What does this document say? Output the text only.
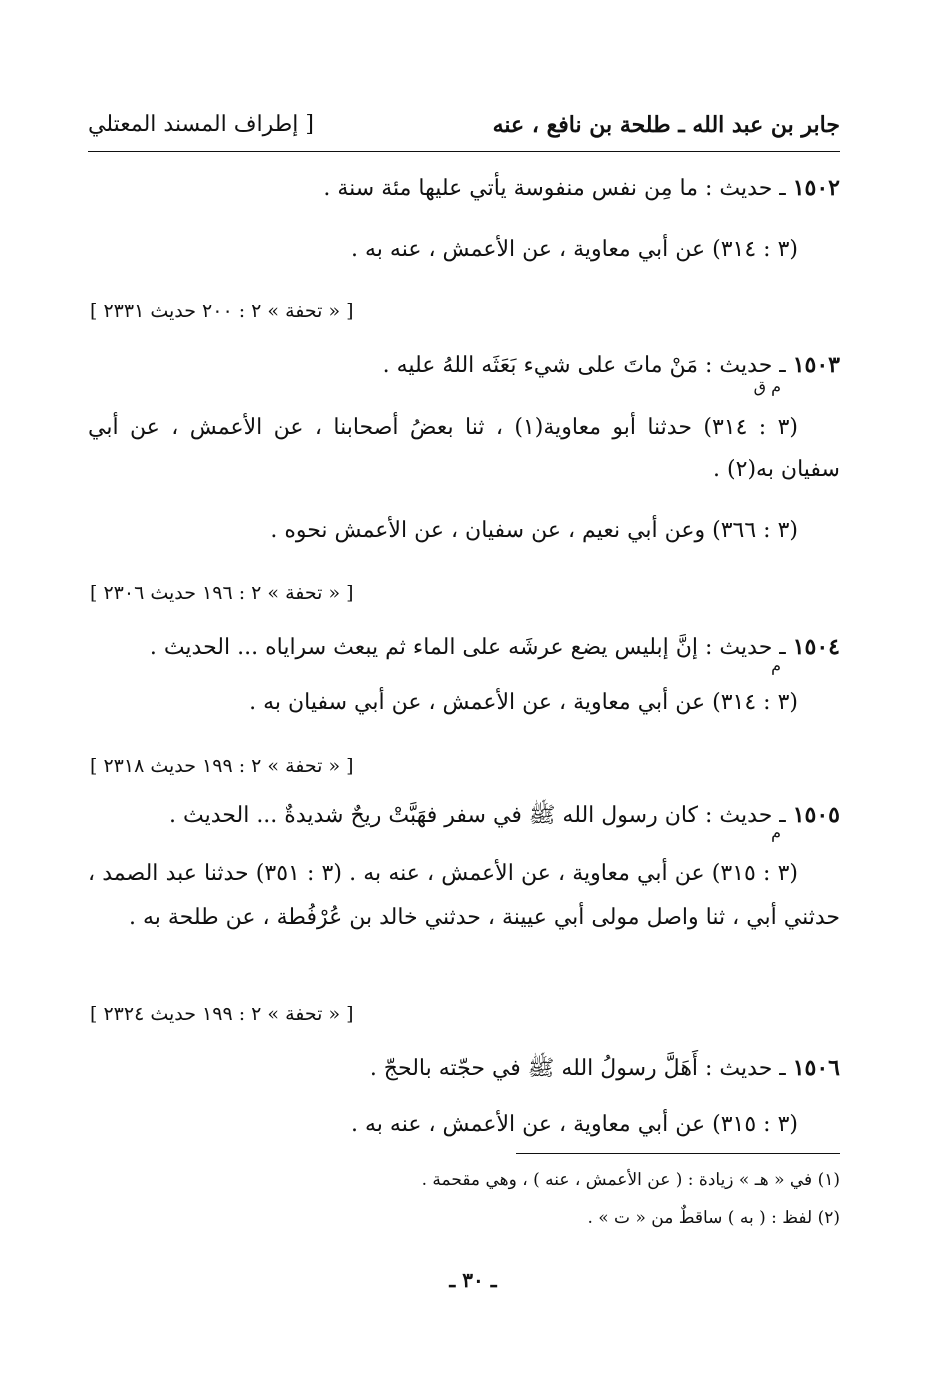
جابر بن عبد الله ـ طلحة بن نافع ، عنه
[ إطراف المسند المعتلي
١٥٠٢ ـ حديث : ما مِن نفس منفوسة يأتي عليها مئة سنة .
(٣ : ٣١٤) عن أبي معاوية ، عن الأعمش ، عنه به .
[ « تحفة » ٢ : ٢٠٠ حديث ٢٣٣١ ]
١٥٠٣ ـ حديث : مَنْ ماتَ على شيء بَعَثَه اللهُ عليه .
م ق
(٣ : ٣١٤) حدثنا أبو معاوية(١) ، ثنا بعضُ أصحابنا ، عن الأعمش ، عن أبي سفيان به(٢) .
(٣ : ٣٦٦) وعن أبي نعيم ، عن سفيان ، عن الأعمش نحوه .
[ « تحفة » ٢ : ١٩٦ حديث ٢٣٠٦ ]
١٥٠٤ ـ حديث : إنَّ إبليس يضع عرشَه على الماء ثم يبعث سراياه ... الحديث .
م
(٣ : ٣١٤) عن أبي معاوية ، عن الأعمش ، عن أبي سفيان به .
[ « تحفة » ٢ : ١٩٩ حديث ٢٣١٨ ]
١٥٠٥ ـ حديث : كان رسول الله ﷺ في سفر فهَبَّتْ ريحٌ شديدةٌ ... الحديث .
م
(٣ : ٣١٥) عن أبي معاوية ، عن الأعمش ، عنه به . (٣ : ٣٥١) حدثنا عبد الصمد ، حدثني أبي ، ثنا واصل مولى أبي عيينة ، حدثني خالد بن عُرْفُطة ، عن طلحة به .
[ « تحفة » ٢ : ١٩٩ حديث ٢٣٢٤ ]
١٥٠٦ ـ حديث : أَهَلَّ رسولُ الله ﷺ في حجّته بالحجّ .
(٣ : ٣١٥) عن أبي معاوية ، عن الأعمش ، عنه به .
(١) في « هـ » زيادة : ( عن الأعمش ، عنه ) ، وهي مقحمة .
(٢) لفظ : ( به ) ساقطٌ من « ت » .
ـ ٣٠ ـ
